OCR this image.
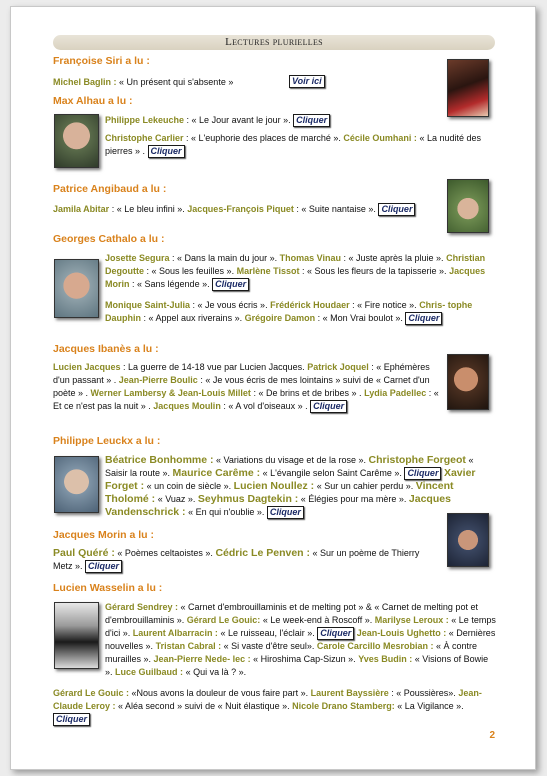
Lectures plurielles
Françoise Siri a lu :
Michel Baglin : « Un présent qui s'absente »	Voir ici
Max Alhau a lu :
Philippe Lekeuche : « Le Jour avant le jour ». Cliquer
Christophe Carlier : « L'euphorie des places de marché ». Cécile Oumhani : « La nudité des pierres » . Cliquer
Patrice Angibaud a lu :
Jamila Abitar : « Le bleu infini ». Jacques-François Piquet : « Suite nantaise ». Cliquer
Georges Cathalo a lu :
Josette Segura : « Dans la main du jour ». Thomas Vinau : « Juste après la pluie ». Christian Degoutte : « Sous les feuilles ». Marlène Tissot : « Sous les fleurs de la tapisserie ». Jacques Morin : « Sans légende ». Cliquer
Monique Saint-Julia : « Je vous écris ». Frédérick Houdaer : « Fire notice ». Chris- tophe Dauphin : « Appel aux riverains ». Grégoire Damon : « Mon Vrai boulot ». Cliquer
Jacques Ibanès a lu :
Lucien Jacques : La guerre de 14-18 vue par Lucien Jacques. Patrick Joquel : « Ephémères d'un passant » . Jean-Pierre Boulic : « Je vous écris de mes lointains » suivi de « Carnet d'un poète » . Werner Lambersy & Jean-Louis Millet : « De brins et de bribes » . Lydia Padellec : « Et ce n'est pas la nuit » . Jacques Moulin : « A vol d'oiseaux » . Cliquer
Philippe Leuckx a lu :
Béatrice Bonhomme : « Variations du visage et de la rose ». Christophe Forgeot « Saisir la route ». Maurice Carême : « L'évangile selon Saint Carême ». Cliquer Xavier Forget : « un coin de siècle ». Lucien Noullez : « Sur un cahier perdu ». Vincent Tholomé : « Vuaz ». Seyhmus Dagtekin : « Élégies pour ma mère ». Jacques Vandenschrick : « En qui n'oublie ». Cliquer
Jacques Morin a lu :
Paul Quéré : « Poèmes celtaoistes ». Cédric Le Penven : « Sur un poème de Thierry Metz ». Cliquer
Lucien Wasselin a lu :
Gérard Sendrey : « Carnet d'embrouillaminis et de melting pot » & « Carnet de melting pot et d'embrouillaminis ». Gérard Le Gouic: « Le week-end à Roscoff ». Marilyse Leroux : « Le temps d'ici ». Laurent Albarracin : « Le ruisseau, l'éclair ». Cliquer Jean-Louis Ughetto : « Dernières nouvelles ». Tristan Cabral : « Si vaste d'être seul». Carole Carcillo Mesrobian : « À contre murailles ». Jean-Pierre Nede- lec : « Hiroshima Cap-Sizun ». Yves Budin : « Visions of Bowie ». Luce Guilbaud : « Qui va là ? ».
Gérard Le Gouic : «Nous avons la douleur de vous faire part ». Laurent Bayssière : « Poussières». Jean-Claude Leroy : « Aléa second » suivi de « Nuit élastique ». Nicole Drano Stamberg: « La Vigilance ». Cliquer
2
